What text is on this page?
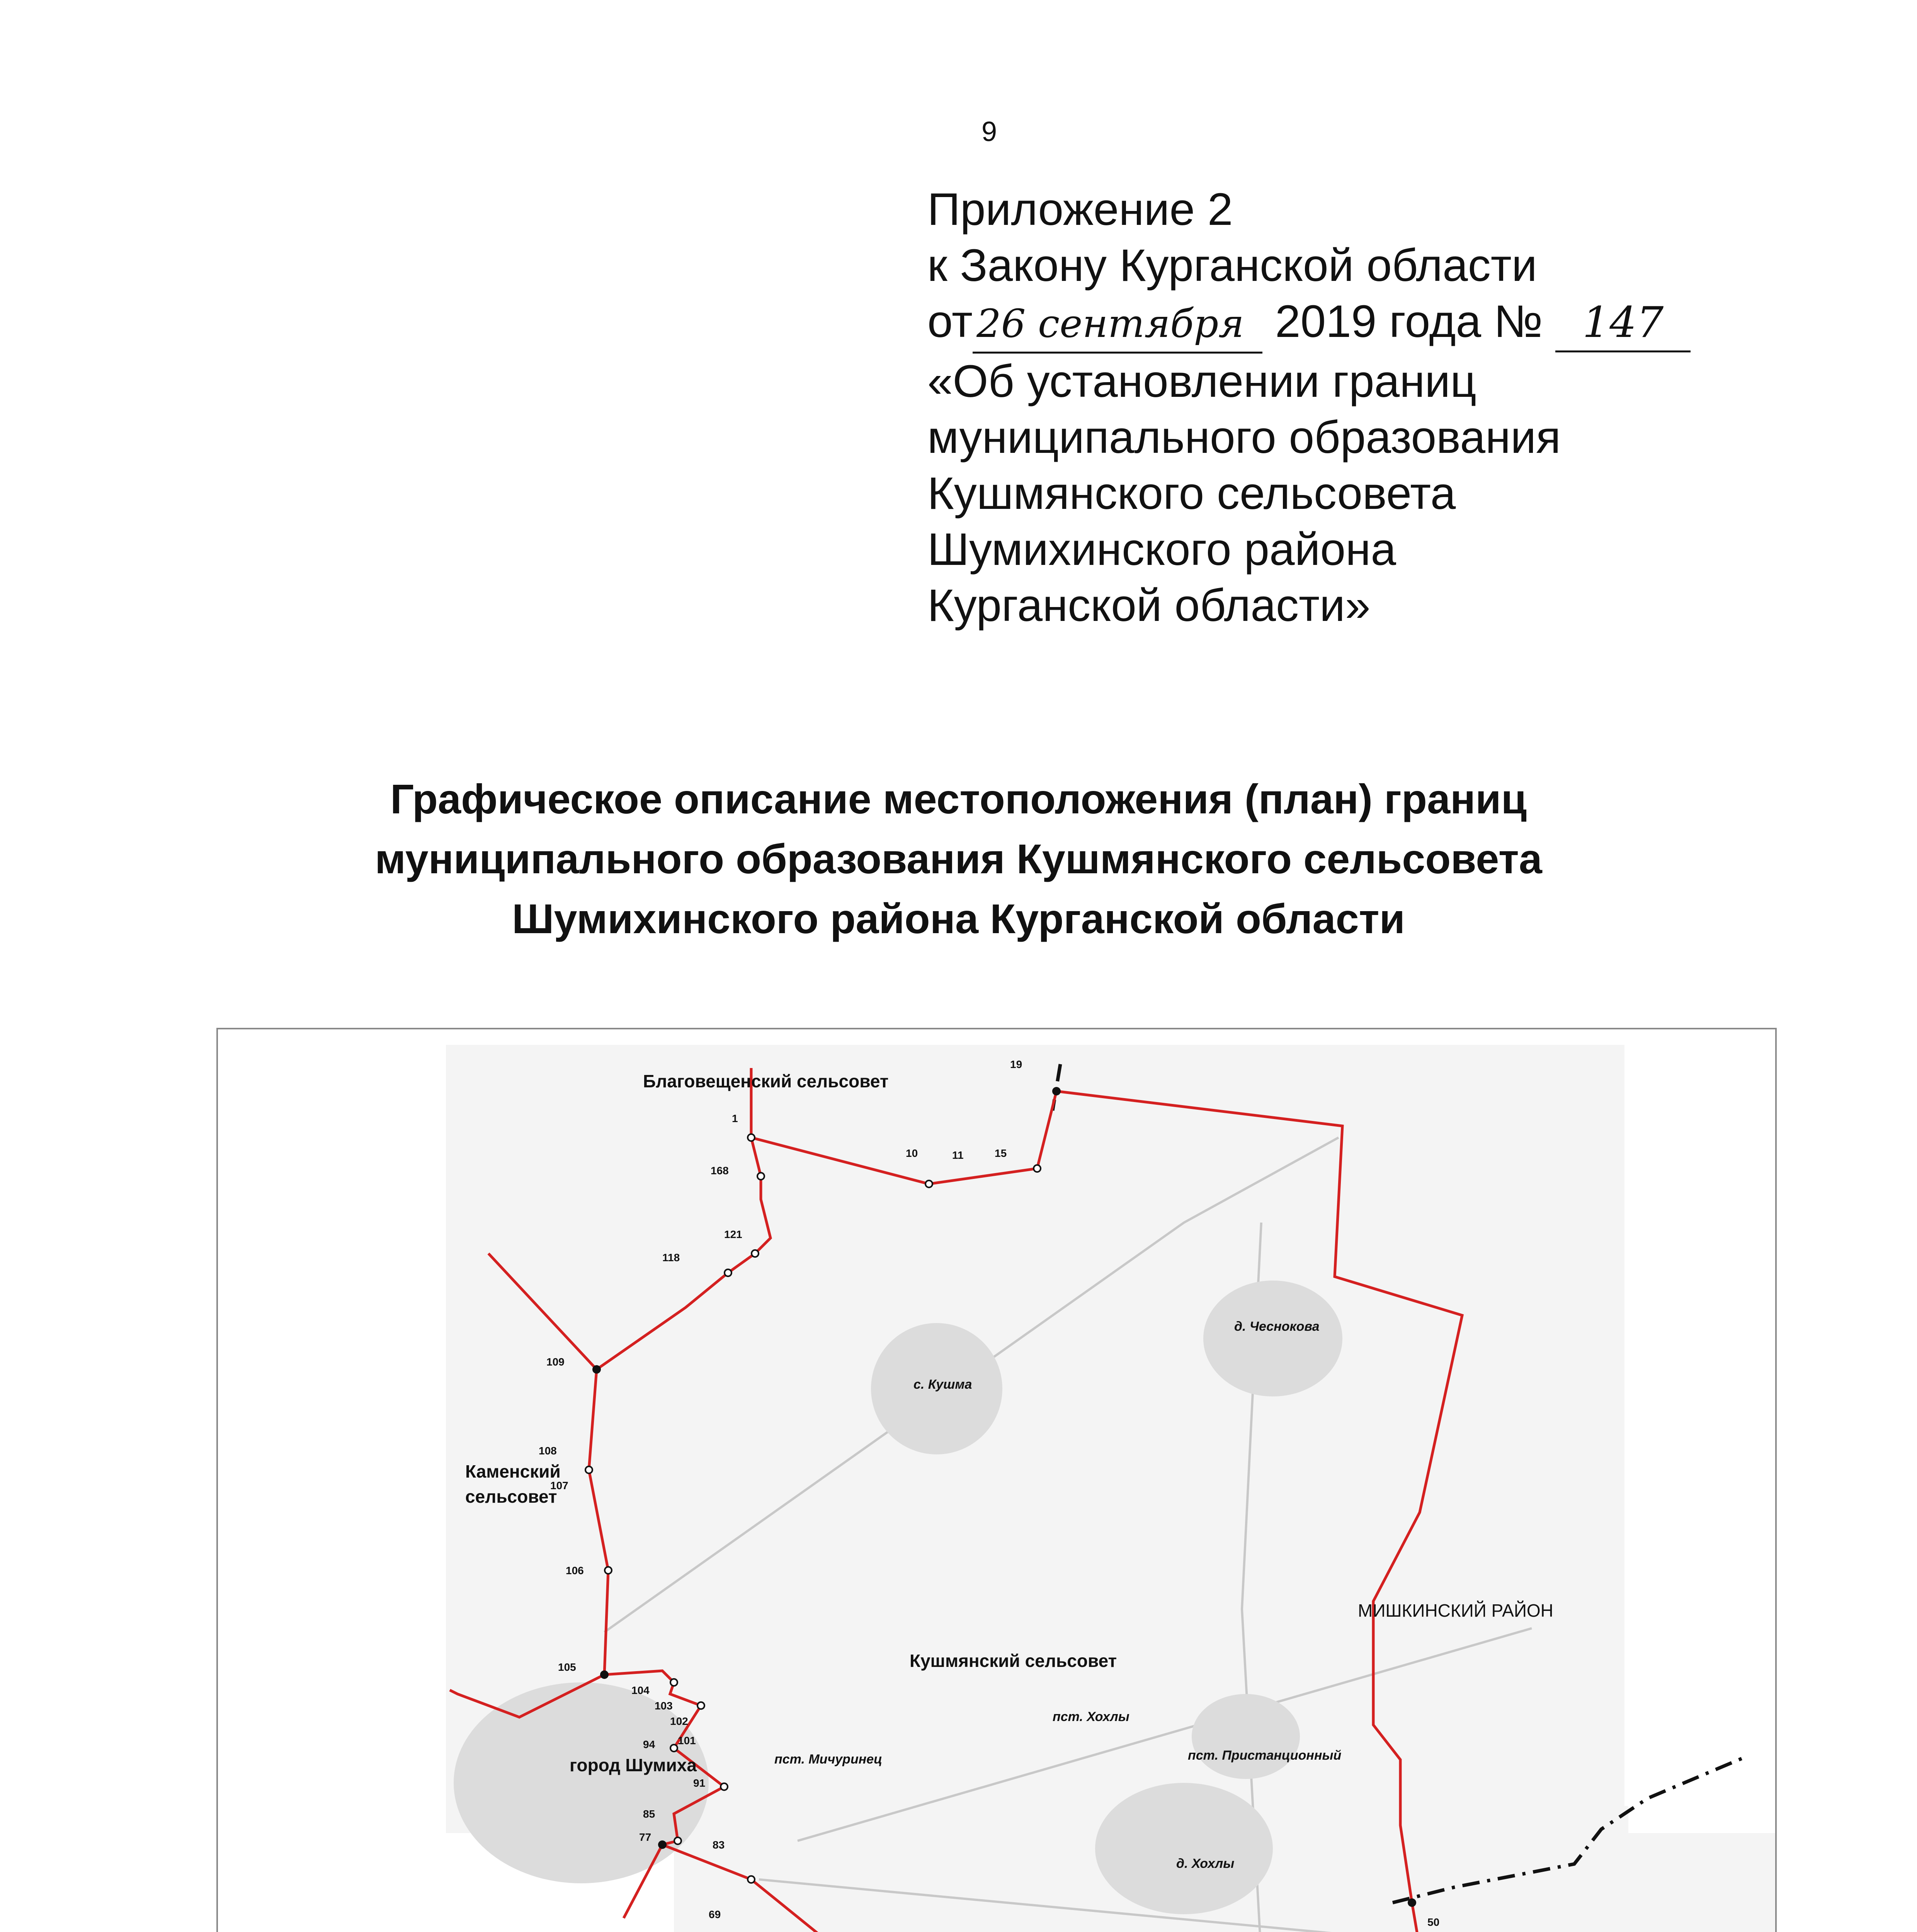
9
Приложение 2
к Закону Курганской области
от 26 сентября 2019 года № 147
«Об установлении границ
муниципального образования
Кушмянского сельсовета
Шумихинского района
Курганской области»
Графическое описание местоположения (план) границ
муниципального образования Кушмянского сельсовета
Шумихинского района Курганской области
Благовещенский сельсовет
Каменский
сельсовет
Кушмянский сельсовет
город Шумиха
МИШКИНСКИЙ РАЙОН
с. Кушма
д. Чеснокова
пст. Мичуринец
пст. Хохлы
пст. Пристанционный
д. Хохлы
1
168
121
118
109
108
107
106
105
104
103
102
101
94
91
85
77
83
69
50
19
10	11	15
